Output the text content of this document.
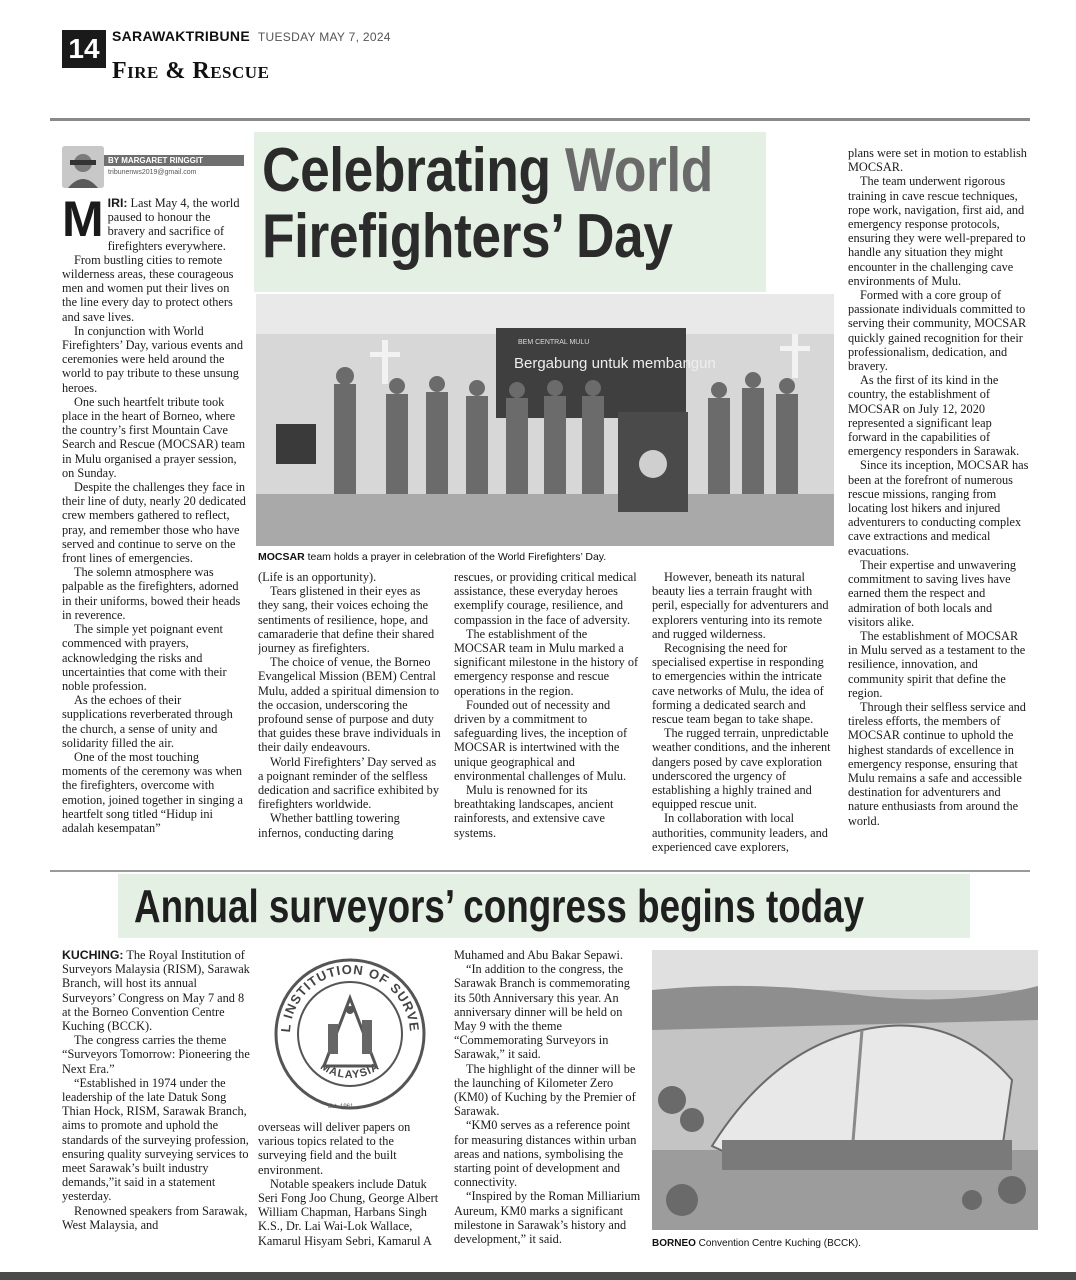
14 SARAWAKTRIBUNE TUESDAY MAY 7, 2024
Fire & Rescue
BY MARGARET RINGGIT
tribunenws2019@gmail.com Celebrating World
Firefighters’ Day

MIRI: Last May 4, the world paused to honour the bravery and sacrifice of firefighters everywhere.

From bustling cities to remote wilderness areas, these courageous men and women put their lives on the line every day to protect others and save lives.

In conjunction with World Firefighters’ Day, various events and ceremonies were held around the world to pay tribute to these unsung heroes.

One such heartfelt tribute took place in the heart of Borneo, where the country’s first Mountain Cave Search and Rescue (MOCSAR) team in Mulu organised a prayer session, on Sunday.

Despite the challenges they face in their line of duty, nearly 20 dedicated crew members gathered to reflect, pray, and remember those who have served and continue to serve on the front lines of emergencies.

The solemn atmosphere was palpable as the firefighters, adorned in their uniforms, bowed their heads in reverence.

The simple yet poignant event commenced with prayers, acknowledging the risks and uncertainties that come with their noble profession.

As the echoes of their supplications reverberated through the church, a sense of unity and solidarity filled the air.

One of the most touching moments of the ceremony was when the firefighters, overcome with emotion, joined together in singing a heartfelt song titled “Hidup ini adalah kesempatan”

BEM CENTRAL MULU
Bergabung untuk membangun
MOCSAR team holds a prayer in celebration of the World Firefighters’ Day.

(Life is an opportunity).

Tears glistened in their eyes as they sang, their voices echoing the sentiments of resilience, hope, and camaraderie that define their shared journey as firefighters.

The choice of venue, the Borneo Evangelical Mission (BEM) Central Mulu, added a spiritual dimension to the occasion, underscoring the profound sense of purpose and duty that guides these brave individuals in their daily endeavours.

World Firefighters’ Day served as a poignant reminder of the selfless dedication and sacrifice exhibited by firefighters worldwide.

Whether battling towering infernos, conducting daring

rescues, or providing critical medical assistance, these everyday heroes exemplify courage, resilience, and compassion in the face of adversity.

The establishment of the MOCSAR team in Mulu marked a significant milestone in the history of emergency response and rescue operations in the region.

Founded out of necessity and driven by a commitment to safeguarding lives, the inception of MOCSAR is intertwined with the unique geographical and environmental challenges of Mulu.

Mulu is renowned for its breathtaking landscapes, ancient rainforests, and extensive cave systems.

However, beneath its natural beauty lies a terrain fraught with peril, especially for adventurers and explorers venturing into its remote and rugged wilderness.

Recognising the need for specialised expertise in responding to emergencies within the intricate cave networks of Mulu, the idea of forming a dedicated search and rescue team began to take shape.

The rugged terrain, unpredictable weather conditions, and the inherent dangers posed by cave exploration underscored the urgency of establishing a highly trained and equipped rescue unit.

In collaboration with local authorities, community leaders, and experienced cave explorers,

plans were set in motion to establish MOCSAR.

The team underwent rigorous training in cave rescue techniques, rope work, navigation, first aid, and emergency response protocols, ensuring they were well-prepared to handle any situation they might encounter in the challenging cave environments of Mulu.

Formed with a core group of passionate individuals committed to serving their community, MOCSAR quickly gained recognition for their professionalism, dedication, and bravery.

As the first of its kind in the country, the establishment of MOCSAR on July 12, 2020 represented a significant leap forward in the capabilities of emergency responders in Sarawak.

Since its inception, MOCSAR has been at the forefront of numerous rescue missions, ranging from locating lost hikers and injured adventurers to conducting complex cave extractions and medical evacuations.

Their expertise and unwavering commitment to saving lives have earned them the respect and admiration of both locals and visitors alike.

The establishment of MOCSAR in Mulu served as a testament to the resilience, innovation, and community spirit that define the region.

Through their selfless service and tireless efforts, the members of MOCSAR continue to uphold the highest standards of excellence in emergency response, ensuring that Mulu remains a safe and accessible destination for adventurers and nature enthusiasts from around the world.

Annual surveyors’ congress begins today

KUCHING: The Royal Institution of Surveyors Malaysia (RISM), Sarawak Branch, will host its annual Surveyors’ Congress on May 7 and 8 at the Borneo Convention Centre Kuching (BCCK).

The congress carries the theme “Surveyors Tomorrow: Pioneering the Next Era.”

“Established in 1974 under the leadership of the late Datuk Song Thian Hock, RISM, Sarawak Branch, aims to promote and uphold the standards of the surveying profession, ensuring quality surveying services to meet Sarawak’s built industry demands,”it said in a statement yesterday.

Renowned speakers from Sarawak, West Malaysia, and

L INSTITUTION OF SURVE
MALAYSIA
Est. 1961

overseas will deliver papers on various topics related to the surveying field and the built environment.

Notable speakers include Datuk Seri Fong Joo Chung, George Albert William Chapman, Harbans Singh K.S., Dr. Lai Wai-Lok Wallace, Kamarul Hisyam Sebri, Kamarul A

Muhamed and Abu Bakar Sepawi.

“In addition to the congress, the Sarawak Branch is commemorating its 50th Anniversary this year. An anniversary dinner will be held on May 9 with the theme “Commemorating Surveyors in Sarawak,” it said.

The highlight of the dinner will be the launching of Kilometer Zero (KM0) of Kuching by the Premier of Sarawak.

“KM0 serves as a reference point for measuring distances within urban areas and nations, symbolising the starting point of development and connectivity.

“Inspired by the Roman Milliarium Aureum, KM0 marks a significant milestone in Sarawak’s history and development,” it said.	BORNEO Convention Centre Kuching (BCCK).
